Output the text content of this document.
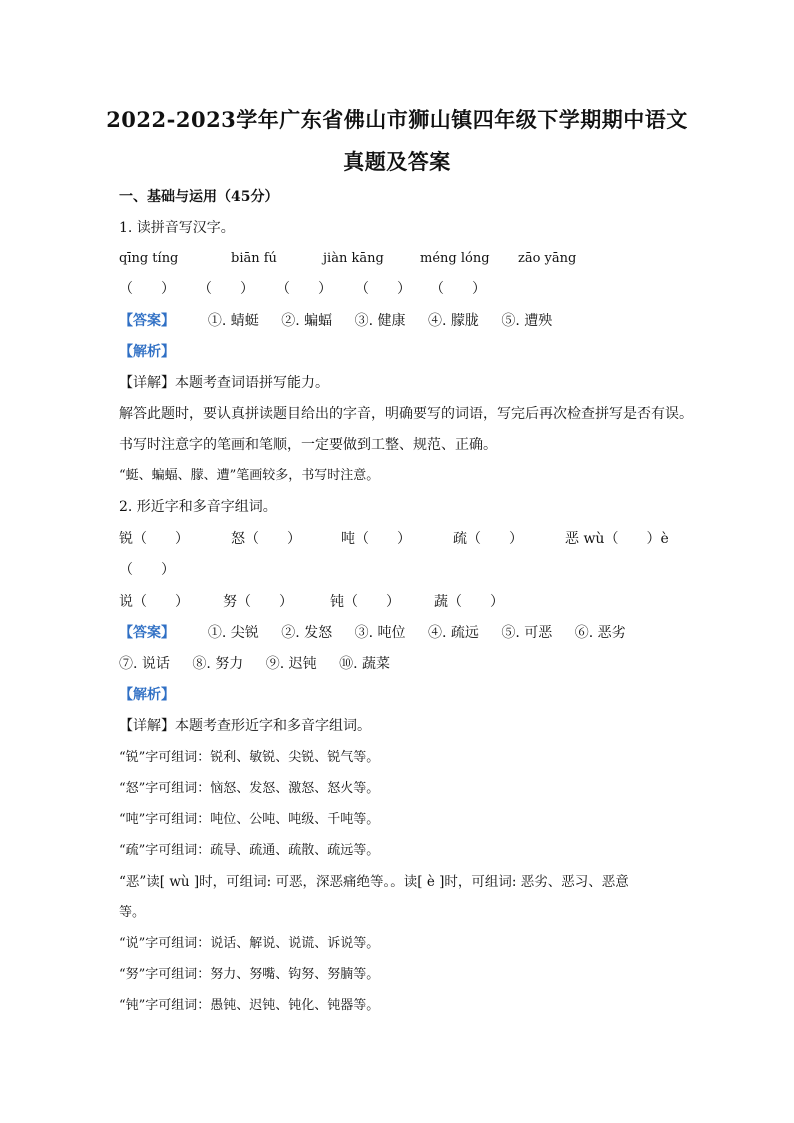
2022-2023学年广东省佛山市狮山镇四年级下学期期中语文
真题及答案
一、基础与运用（45分）
1. 读拼音写汉字。
qīng tíng	biān fú	jiàn kāng	méng lóng zāo yāng
（　　） （　　） （　　） （　　） （　　）
【答案】 ①. 蜻蜓 ②. 蝙蝠 ③. 健康 ④. 朦胧 ⑤. 遭殃
【解析】
【详解】本题考查词语拼写能力。
解答此题时，要认真拼读题目给出的字音，明确要写的词语，写完后再次检查拼写是否有误。
书写时注意字的笔画和笔顺，一定要做到工整、规范、正确。
“蜓、蝙蝠、朦、遭”笔画较多，书写时注意。
2. 形近字和多音字组词。
锐（　　）	怒（　　）	吨（　　）	疏（　　）	恶 wù（　　）è
（　　）
说（　　） 努（　　）	钝（　　） 蔬（　　）
【答案】 ①. 尖锐 ②. 发怒 ③. 吨位 ④. 疏远 ⑤. 可恶 ⑥. 恶劣
⑦. 说话 ⑧. 努力 ⑨. 迟钝 ⑩. 蔬菜
【解析】
【详解】本题考查形近字和多音字组词。
“锐”字可组词：锐利、敏锐、尖锐、锐气等。
“怒”字可组词：恼怒、发怒、激怒、怒火等。
“吨”字可组词：吨位、公吨、吨级、千吨等。
“疏”字可组词：疏导、疏通、疏散、疏远等。
“恶”读[ wù ]时，可组词: 可恶，深恶痛绝等。。读[ è ]时，可组词: 恶劣、恶习、恶意
等。
“说”字可组词：说话、解说、说谎、诉说等。
“努”字可组词：努力、努嘴、钩努、努腩等。
“钝”字可组词：愚钝、迟钝、钝化、钝器等。
